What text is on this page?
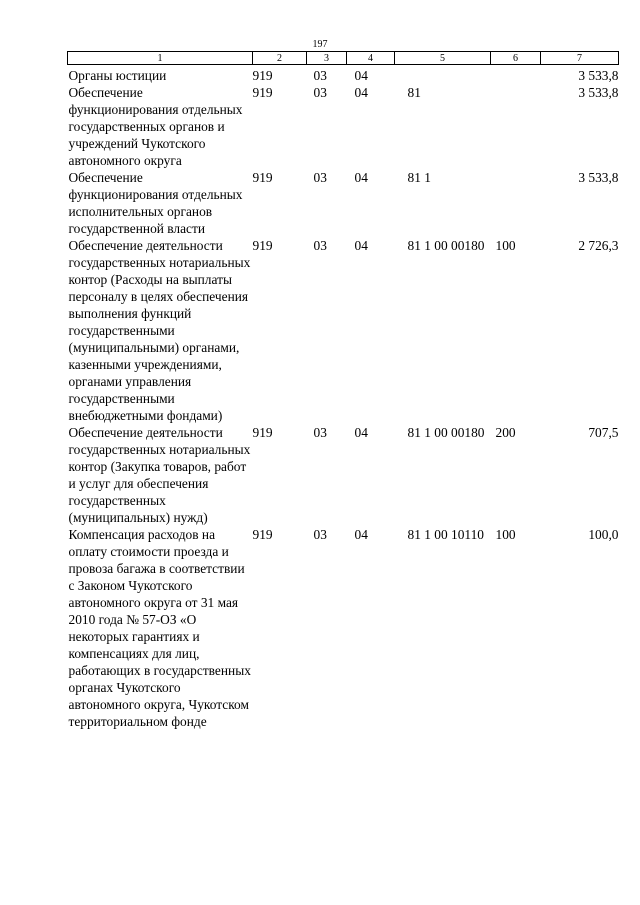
197
1	2	3	4	5	6	7
Органы юстиции	919	03	04			3 533,8
Обеспечение функционирования отдельных государственных органов и учреждений Чукотского автономного округа	919	03	04	81		3 533,8
Обеспечение функционирования отдельных исполнительных органов государственной власти	919	03	04	81 1		3 533,8
Обеспечение деятельности государственных нотариальных контор (Расходы на выплаты персоналу в целях обеспечения выполнения функций государственными (муниципальными) органами, казенными учреждениями, органами управления государственными внебюджетными фондами)	919	03	04	81 1 00 00180	100	2 726,3
Обеспечение деятельности государственных нотариальных контор (Закупка товаров, работ и услуг для обеспечения государственных (муниципальных) нужд)	919	03	04	81 1 00 00180	200	707,5
Компенсация расходов на оплату стоимости проезда и провоза багажа в соответствии с Законом Чукотского автономного округа от 31 мая 2010 года № 57-ОЗ «О некоторых гарантиях и компенсациях для лиц, работающих в государственных органах Чукотского автономного округа, Чукотском территориальном фонде	919	03	04	81 1 00 10110	100	100,0
